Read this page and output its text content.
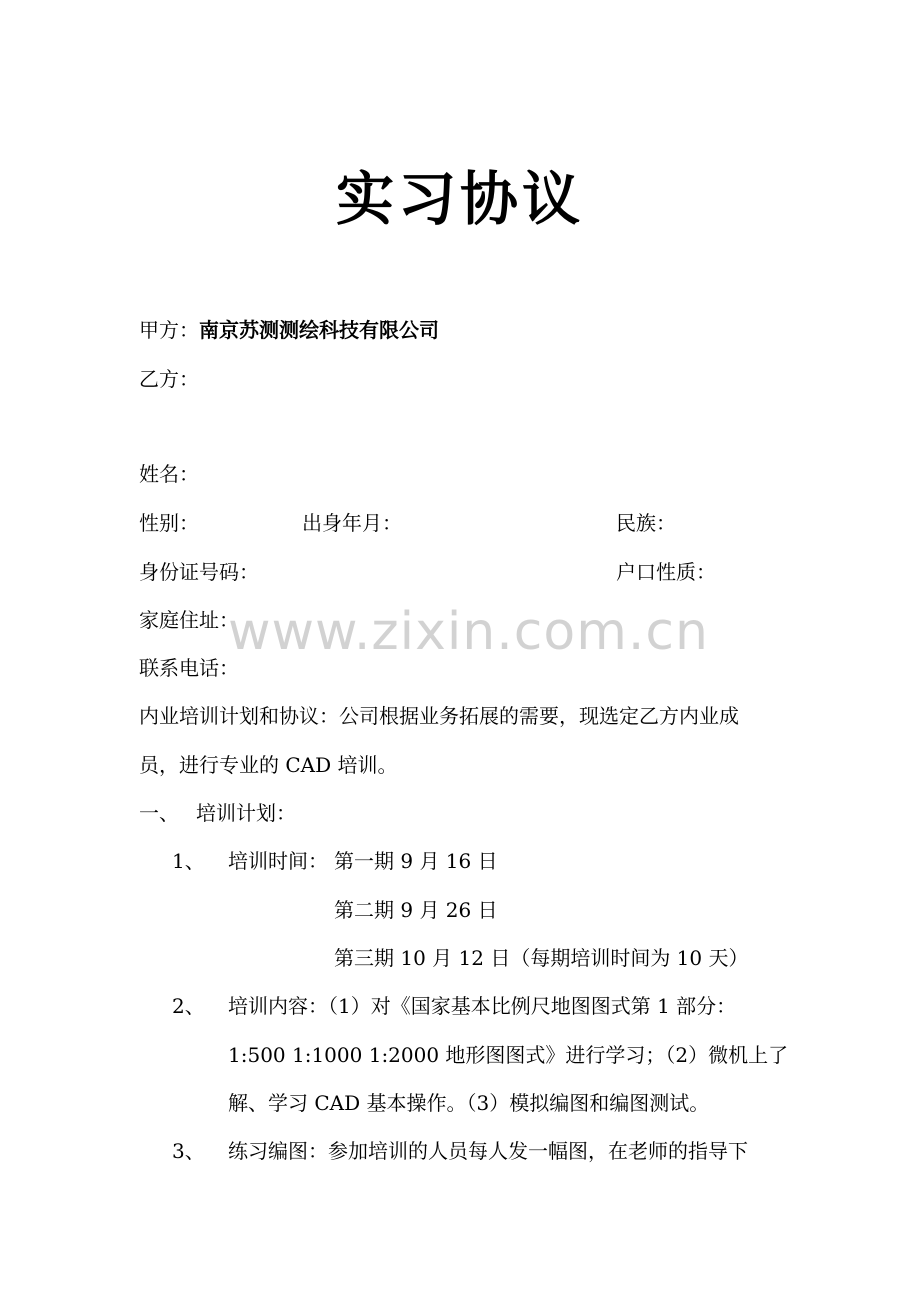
实习协议
甲方：南京苏测测绘科技有限公司
乙方：
姓名：
性别：	出身年月：	民族：
身份证号码：	户口性质：
家庭住址：
联系电话：
内业培训计划和协议：公司根据业务拓展的需要，现选定乙方内业成
员，进行专业的 CAD 培训。
一、 培训计划：
1、 培训时间： 第一期 9 月 16 日
第二期 9 月 26 日
第三期 10 月 12 日（每期培训时间为 10 天）
2、 培训内容：（1）对《国家基本比例尺地图图式第 1 部分：
1:500 1:1000 1:2000 地形图图式》进行学习；（2）微机上了
解、学习 CAD 基本操作。（3）模拟编图和编图测试。
3、 练习编图：参加培训的人员每人发一幅图，在老师的指导下
www.zixin.com.cn
